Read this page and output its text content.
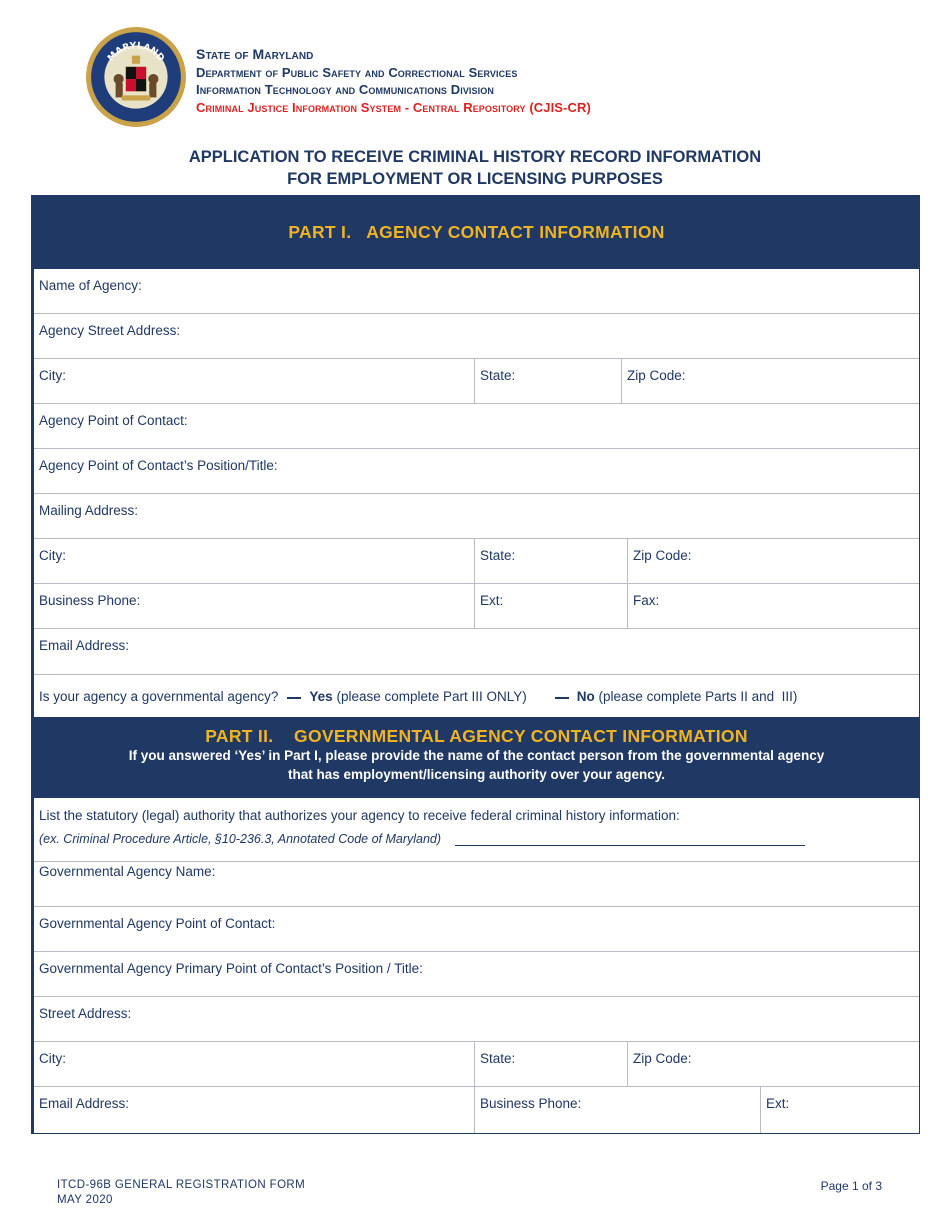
MARYLAND State of Maryland
Department of Public Safety and Correctional Services
Information Technology and Communications Division
Criminal Justice Information System - Central Repository (CJIS-CR)
APPLICATION TO RECEIVE CRIMINAL HISTORY RECORD INFORMATION
FOR EMPLOYMENT OR LICENSING PURPOSES
PART I.   AGENCY CONTACT INFORMATION
Name of Agency:
Agency Street Address:
City:	State:	Zip Code:
Agency Point of Contact:
Agency Point of Contact’s Position/Title:
Mailing Address:
City:	State:	Zip Code:
Business Phone:	Ext:	Fax:
Email Address:
Is your agency a governmental agency? Yes
(please complete Part III ONLY)	No
(please complete Parts II and  III)
PART II.    GOVERNMENTAL AGENCY CONTACT INFORMATION
If you answered ‘Yes’ in Part I, please provide the name of the contact person from the governmental agency
that has employment/licensing authority over your agency.
List the statutory (legal) authority that authorizes your agency to receive federal criminal history information:
(ex. Criminal Procedure Article, §10-236.3, Annotated Code of Maryland)
Governmental Agency Name:
Governmental Agency Point of Contact:
Governmental Agency Primary Point of Contact’s Position / Title:
Street Address:
City:	State:	Zip Code:
Email Address:	Business Phone:	Ext:
ITCD-96B GENERAL REGISTRATION FORM
MAY 2020
Page 1 of 3
